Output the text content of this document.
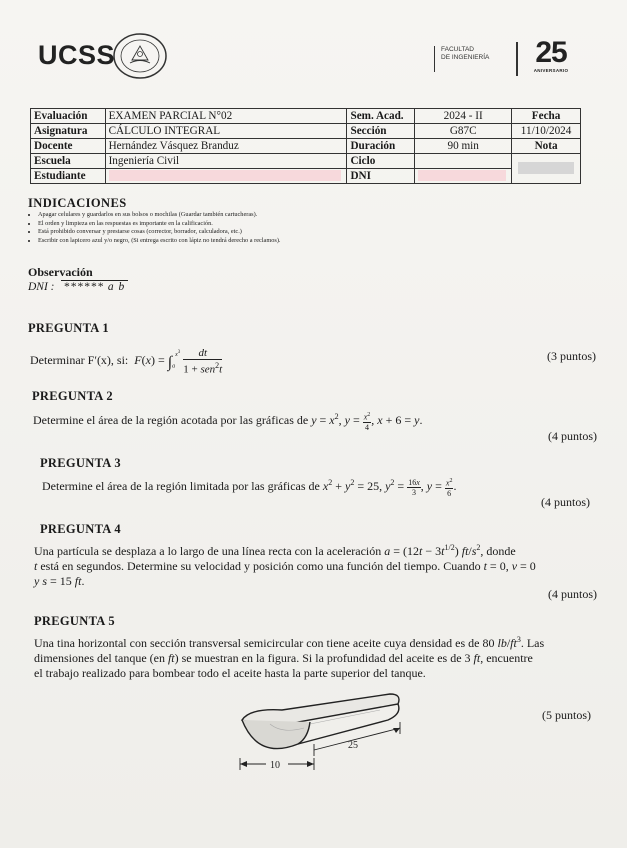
UCSS	FACULTAD
DE INGENIERÍA	25
ANIVERSARIO
Evaluación	EXAMEN PARCIAL N°02	Sem. Acad.	2024 - II	Fecha
Asignatura	CÁLCULO INTEGRAL	Sección	G87C	11/10/2024
Docente	Hernández Vásquez Branduz	Duración	90 min	Nota
Escuela	Ingeniería Civil	Ciclo		
Estudiante		DNI		
INDICACIONES
• Apagar celulares y guardarlos en sus bolsos o mochilas (Guardar también cartucheras).
• El orden y limpieza en las respuestas es importante en la calificación.
• Está prohibido conversar y prestarse cosas (corrector, borrador, calculadora, etc.)
• Escribir con lapicero azul y/o negro, (Si entrega escrito con lápiz no tendrá derecho a reclamos).
Observación
DNI : ****** a b
PREGUNTA 1
Determinar F′(x), si: $F(x) = \int_a^{x^3} \frac{dt}{1 + sen^2t}$	(3 puntos)
PREGUNTA 2
Determine el área de la región acotada por las gráficas de $y = x^2$, $y = \frac{x^2}{4}$ , x + 6 = y.
(4 puntos)
PREGUNTA 3
Determine el área de la región limitada por las gráficas de $x^2 + y^2 = 25$, $y^2 = \frac{16x}{3}$ , $y = \frac{x^2}{6}$ .
(4 puntos)
PREGUNTA 4
Una partícula se desplaza a lo largo de una línea recta con la aceleración $a = (12t - 3t^{1/2})$ $ft/s^2$, donde
t está en segundos. Determine su velocidad y posición como una función del tiempo. Cuando t = 0, v = 0
y s = 15 ft.
(4 puntos)
PREGUNTA 5
Una tina horizontal con sección transversal semicircular con tiene aceite cuya densidad es de 80 $lb/ft^3$. Las
dimensiones del tanque (en ft) se muestran en la figura. Si la profundidad del aceite es de 3 ft, encuentre
el trabajo realizado para bombear todo el aceite hasta la parte superior del tanque.
(5 puntos)
25
10
